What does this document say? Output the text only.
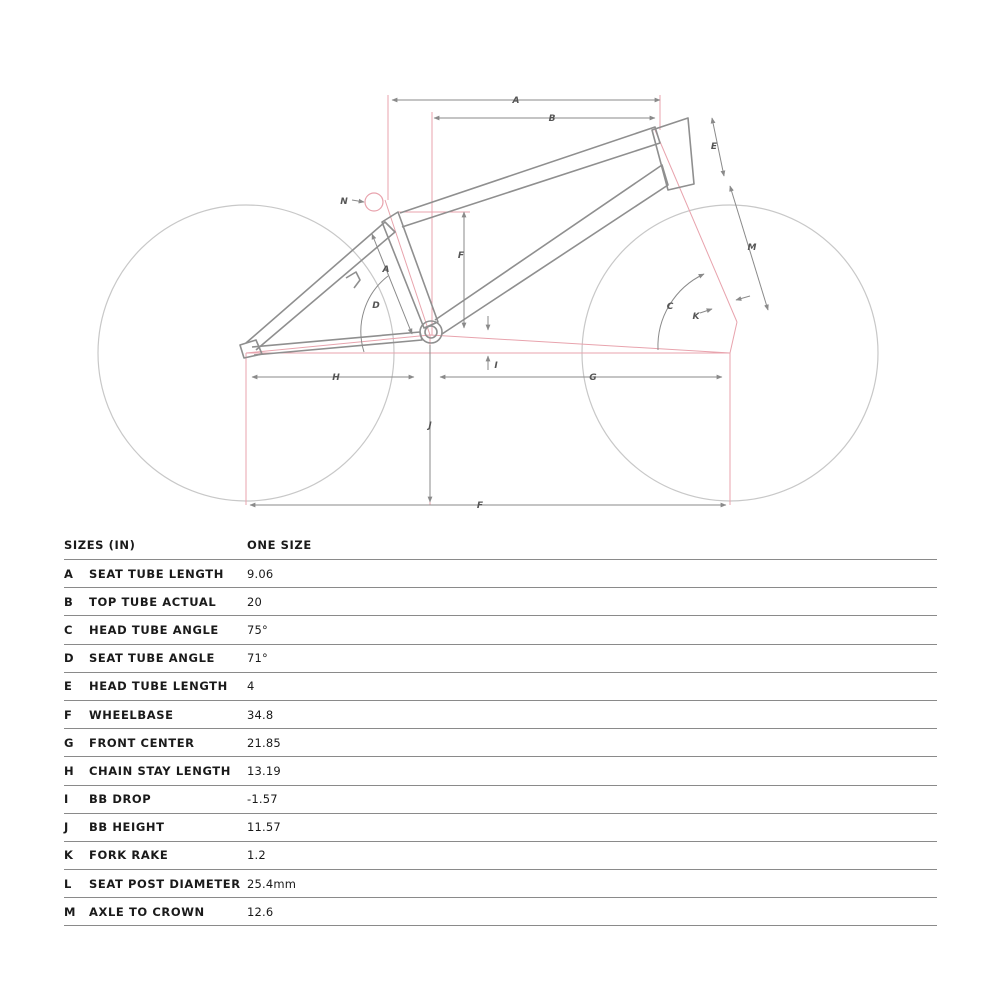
A
B
E
M
F
A
N
D	C
K
H	G
I
J
F
SIZES (IN)	ONE SIZE
A	SEAT TUBE LENGTH	9.06
B	TOP TUBE ACTUAL	20
C	HEAD TUBE ANGLE	75°
D	SEAT TUBE ANGLE	71°
E	HEAD TUBE LENGTH	4
F	WHEELBASE	34.8
G	FRONT CENTER	21.85
H	CHAIN STAY LENGTH	13.19
I	BB DROP	-1.57
J	BB HEIGHT	11.57
K	FORK RAKE	1.2
L	SEAT POST DIAMETER 25.4mm
M	AXLE TO CROWN	12.6
